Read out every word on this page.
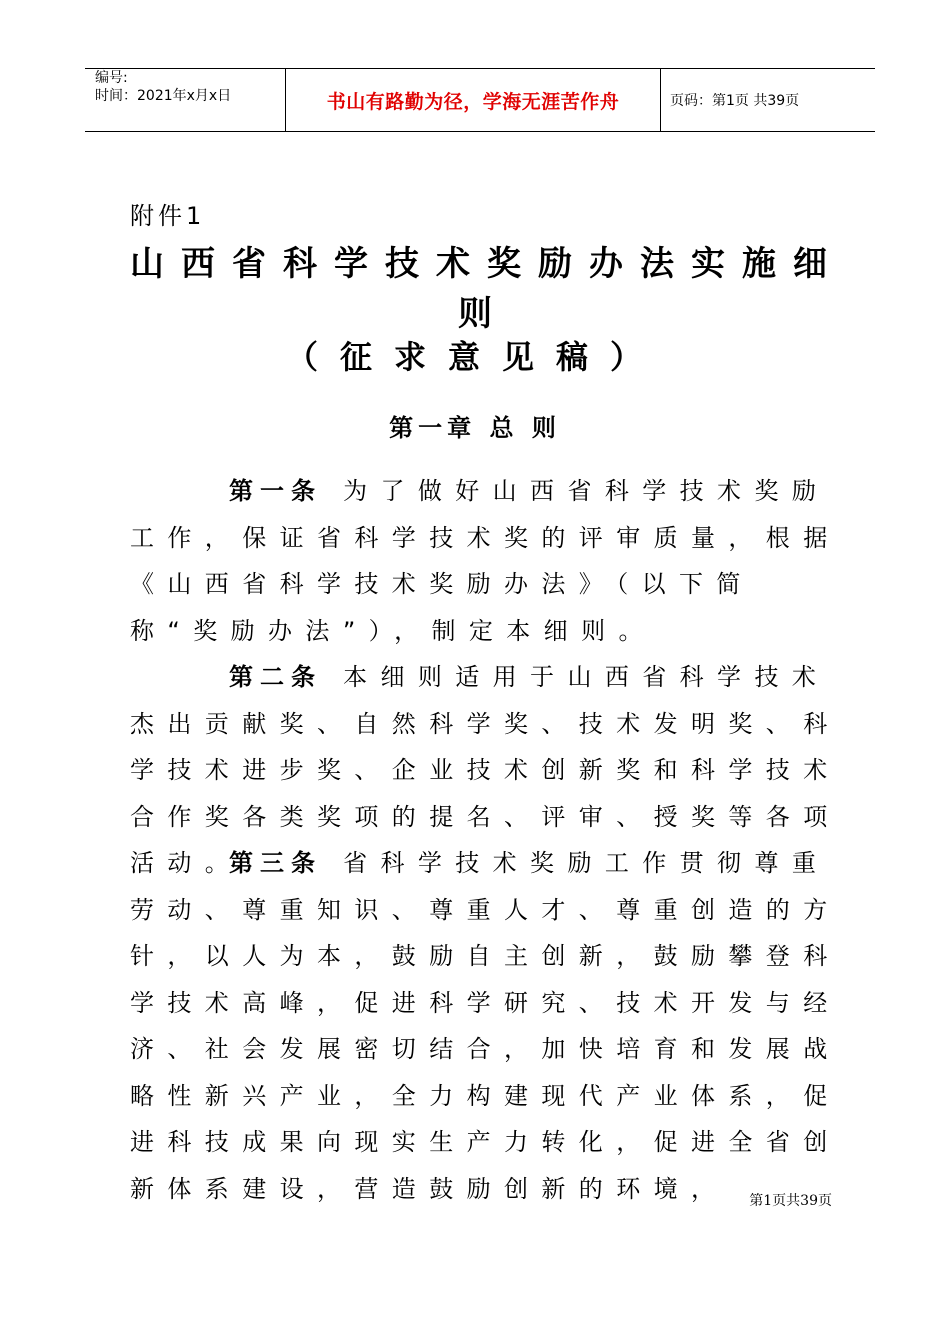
编号:
时间：2021年x月x日	书山有路勤为径，学海无涯苦作舟	页码：第1页 共39页
附件1
山西省科学技术奖励办法实施细
则
（征求意见稿）
第一章 总 则
第一条 为了做好山西省科学技术奖励工作，保证省科学技术奖的评审质量，根据《山西省科学技术奖励办法》（以下简称“奖励办法”），制定本细则。
第二条 本细则适用于山西省科学技术杰出贡献奖、自然科学奖、技术发明奖、科学技术进步奖、企业技术创新奖和科学技术合作奖各类奖项的提名、评审、授奖等各项活动。
第三条 省科学技术奖励工作贯彻尊重劳动、尊重知识、尊重人才、尊重创造的方针，以人为本，鼓励自主创新，鼓励攀登科学技术高峰，促进科学研究、技术开发与经济、社会发展密切结合，加快培育和发展战略性新兴产业，全力构建现代产业体系，促进科技成果向现实生产力转化，促进全省创新体系建设，营造鼓励创新的环境，	第1页共39页
